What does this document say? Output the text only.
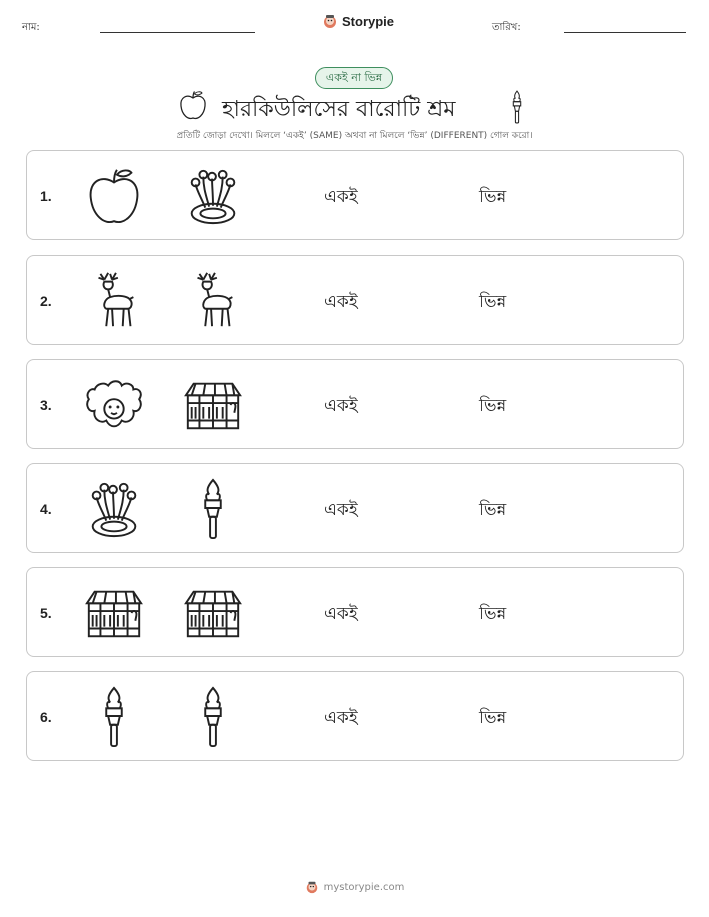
নাম:	Storypie	তারিখ:
একই না ভিন্ন
হারকিউলিসের বারোটি শ্রম
প্রতিটি জোড়া দেখো। মিললে ‘একই’ (SAME) অথবা না মিললে ‘ভিন্ন’ (DIFFERENT) গোল করো।
1.	একই	ভিন্ন
2.	একই	ভিন্ন
3.	একই	ভিন্ন
4.	একই	ভিন্ন
5.	একই	ভিন্ন
6.	একই	ভিন্ন
mystorypie.com
